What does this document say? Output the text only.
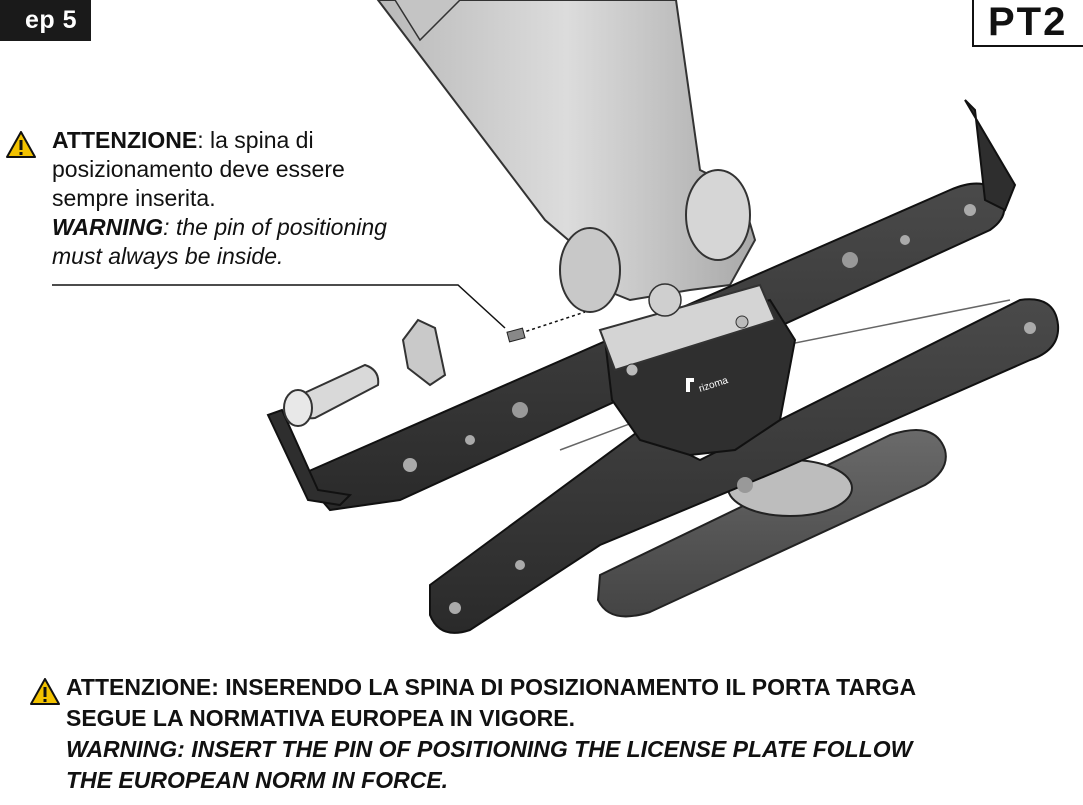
rizoma
ep 5	PT2
ATTENZIONE: la spina di
posizionamento deve essere
sempre inserita.
WARNING: the pin of positioning
must always be inside.
ATTENZIONE: INSERENDO LA SPINA DI POSIZIONAMENTO IL PORTA TARGA
SEGUE LA NORMATIVA EUROPEA IN VIGORE.
WARNING: INSERT THE PIN OF POSITIONING THE LICENSE PLATE FOLLOW
THE EUROPEAN NORM IN FORCE.
